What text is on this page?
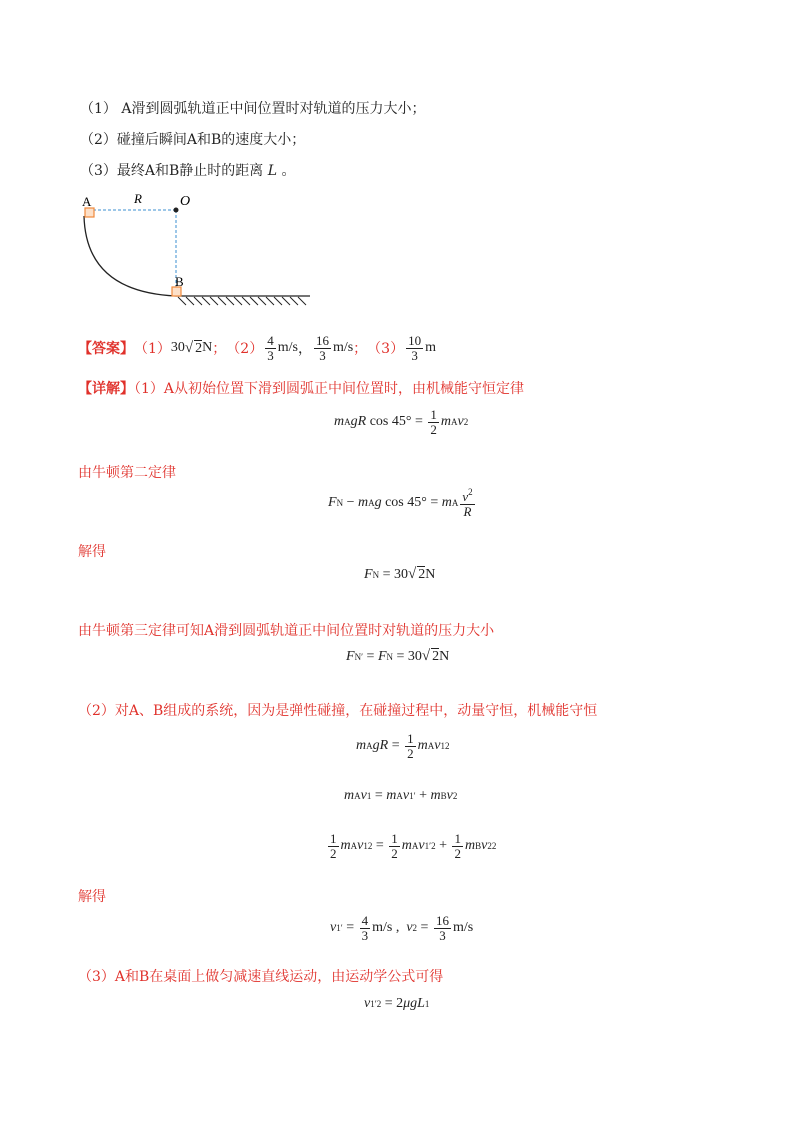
（1） A滑到圆弧轨道正中间位置时对轨道的压力大小；
（2）碰撞后瞬间A和B的速度大小；
（3）最终A和B静止时的距离 L 。
A	R	O
B
【答案】 （1） 30 √ 2 N ； $(2) \frac{4}{3} m/s$ ， $\frac{16}{3} m/s$ ； $(3) \frac{10}{3}$ m
【详解】（1）A从初始位置下滑到圆弧正中间位置时，由机械能守恒定律
m A gR $\cos 45^\circ = \frac{1}{2}$ m A v 2
由牛顿第二定律
F N − m A g cos 45° = m A $\frac{v^2}{R}$
解得
F N = 30 √ 2 N
由牛顿第三定律可知A滑到圆弧轨道正中间位置时对轨道的压力大小
F N ′ = F N = 30 √ 2 N
（2）对A、B组成的系统，因为是弹性碰撞，在碰撞过程中，动量守恒，机械能守恒
m A gR = $\frac{1}{2}$ m A v 1 2
m A v 1 = m A v 1 ′ + m B v 2
$\frac{1}{2}$ m A v 1 $2 = \frac{1}{2}$ m A v 1 $'2 + \frac{1}{2}$ m B v 2 2
解得
v 1 ′ = $\frac{4}{3} m/s$ , v $2 = \frac{16}{3} m/s$
（3）A和B在桌面上做匀减速直线运动，由运动学公式可得
v 1 ′2 = 2 μgL 1
